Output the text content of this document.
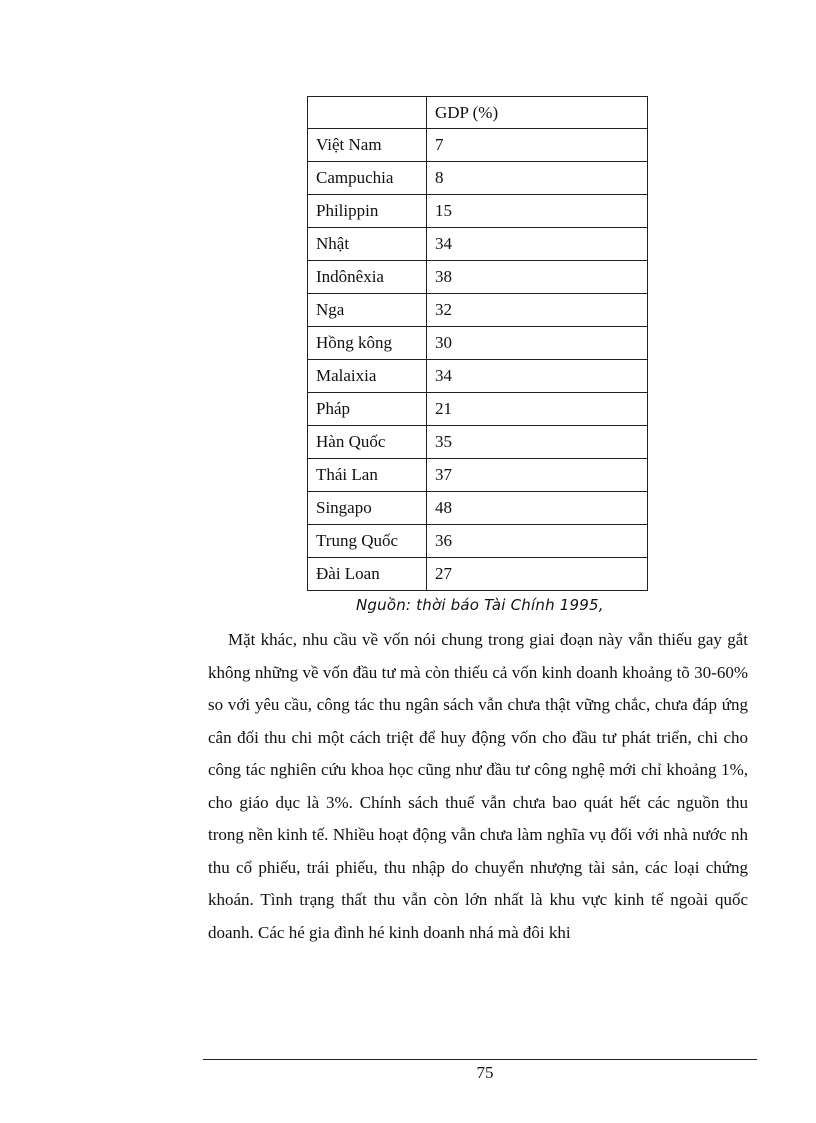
	GDP (%)
Việt Nam	7
Campuchia	8
Philippin	15
Nhật	34
Indônêxia	38
Nga	32
Hồng kông	30
Malaixia	34
Pháp	21
Hàn Quốc	35
Thái Lan	37
Singapo	48
Trung Quốc	36
Đài Loan	27
Nguồn: thời báo Tài Chính 1995,

Mặt khác, nhu cầu về vốn nói chung trong giai đoạn này vẫn thiếu gay gắt không những về vốn đầu tư mà còn thiếu cả vốn kinh doanh khoảng tõ 30-60% so với yêu cầu, công tác thu ngân sách vẫn chưa thật vững chắc, chưa đáp ứng cân đối thu chi một cách triệt để huy động vốn cho đầu tư phát triển, chi cho công tác nghiên cứu khoa học cũng như đầu tư công nghệ mới chỉ khoảng 1%, cho giáo dục là 3%. Chính sách thuế vẫn chưa bao quát hết các nguồn thu trong nền kinh tế. Nhiều hoạt động vẫn chưa làm nghĩa vụ đối với nhà nước nh thu cổ phiếu, trái phiếu, thu nhập do chuyển nhượng tài sản, các loại chứng khoán. Tình trạng thất thu vẫn còn lớn nhất là khu vực kinh tế ngoài quốc doanh. Các hé gia đình hé kinh doanh nhá mà đôi khi

75
